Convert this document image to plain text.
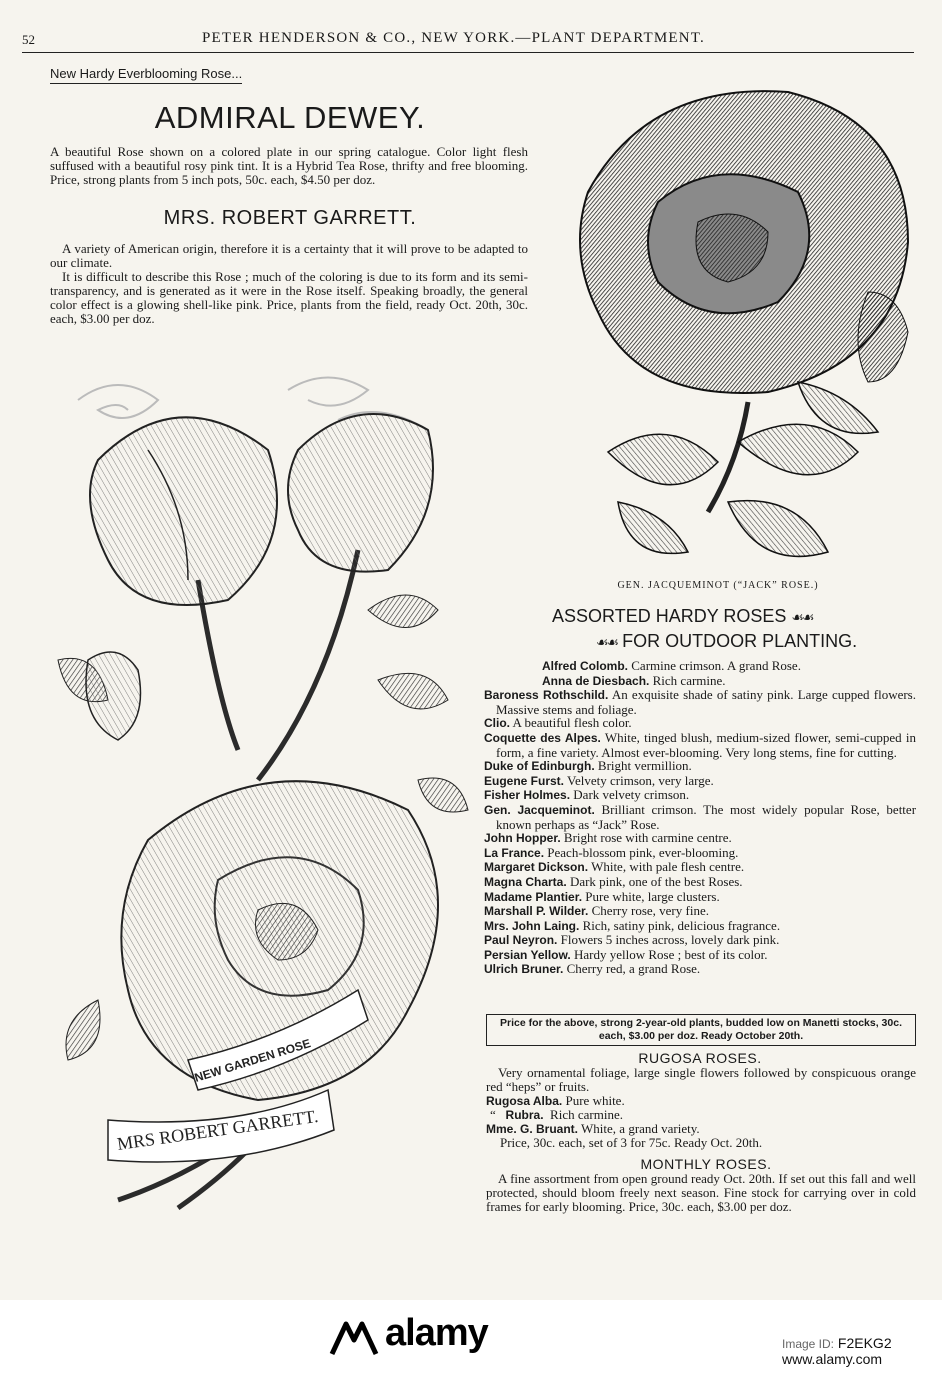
52	PETER HENDERSON & CO., NEW YORK.—PLANT DEPARTMENT.
New Hardy Everblooming Rose...
ADMIRAL DEWEY.

A beautiful Rose shown on a colored plate in our spring catalogue. Color light flesh suffused with a beautiful rosy pink tint. It is a Hybrid Tea Rose, thrifty and free blooming. Price, strong plants from 5 inch pots, 50c. each, $4.50 per doz.

MRS. ROBERT GARRETT.

A variety of American origin, therefore it is a certainty that it will prove to be adapted to our climate.

It is difficult to describe this Rose ; much of the coloring is due to its form and its semi-transparency, and is generated as it were in the Rose itself. Speaking broadly, the general color effect is a glowing shell-like pink. Price, plants from the field, ready Oct. 20th, 30c. each, $3.00 per doz.

NEW GARDEN ROSE
MRS ROBERT GARRETT.
GEN. JACQUEMINOT (“JACK” ROSE.)
ASSORTED HARDY ROSES ☙☙
☙☙ FOR OUTDOOR PLANTING.
Alfred Colomb. Carmine crimson. A grand Rose.
Anna de Diesbach. Rich carmine.
Baroness Rothschild. An exquisite shade of satiny pink. Large cupped flowers. Massive stems and foliage.
Clio. A beautiful flesh color.
Coquette des Alpes. White, tinged blush, medium-sized flower, semi-cupped in form, a fine variety. Almost ever-blooming. Very long stems, fine for cutting.
Duke of Edinburgh. Bright vermillion.
Eugene Furst. Velvety crimson, very large.
Fisher Holmes. Dark velvety crimson.
Gen. Jacqueminot. Brilliant crimson. The most widely popular Rose, better known perhaps as “Jack” Rose.
John Hopper. Bright rose with carmine centre.
La France. Peach-blossom pink, ever-blooming.
Margaret Dickson. White, with pale flesh centre.
Magna Charta. Dark pink, one of the best Roses.
Madame Plantier. Pure white, large clusters.
Marshall P. Wilder. Cherry rose, very fine.
Mrs. John Laing. Rich, satiny pink, delicious fragrance.
Paul Neyron. Flowers 5 inches across, lovely dark pink.
Persian Yellow. Hardy yellow Rose ; best of its color.
Ulrich Bruner. Cherry red, a grand Rose.
Price for the above, strong 2-year-old plants, budded low on Manetti stocks, 30c. each, $3.00 per doz. Ready October 20th.
RUGOSA ROSES.

Very ornamental foliage, large single flowers followed by conspicuous orange red “heps” or fruits.

Rugosa Alba. Pure white.
“ Rubra. Rich carmine.
Mme. G. Bruant. White, a grand variety.
Price, 30c. each, set of 3 for 75c. Ready Oct. 20th.
MONTHLY ROSES.

A fine assortment from open ground ready Oct. 20th. If set out this fall and well protected, should bloom freely next season. Fine stock for carrying over in cold frames for early blooming. Price, 30c. each, $3.00 per doz.

alamy	Image ID: F2EKG2
www.alamy.com
